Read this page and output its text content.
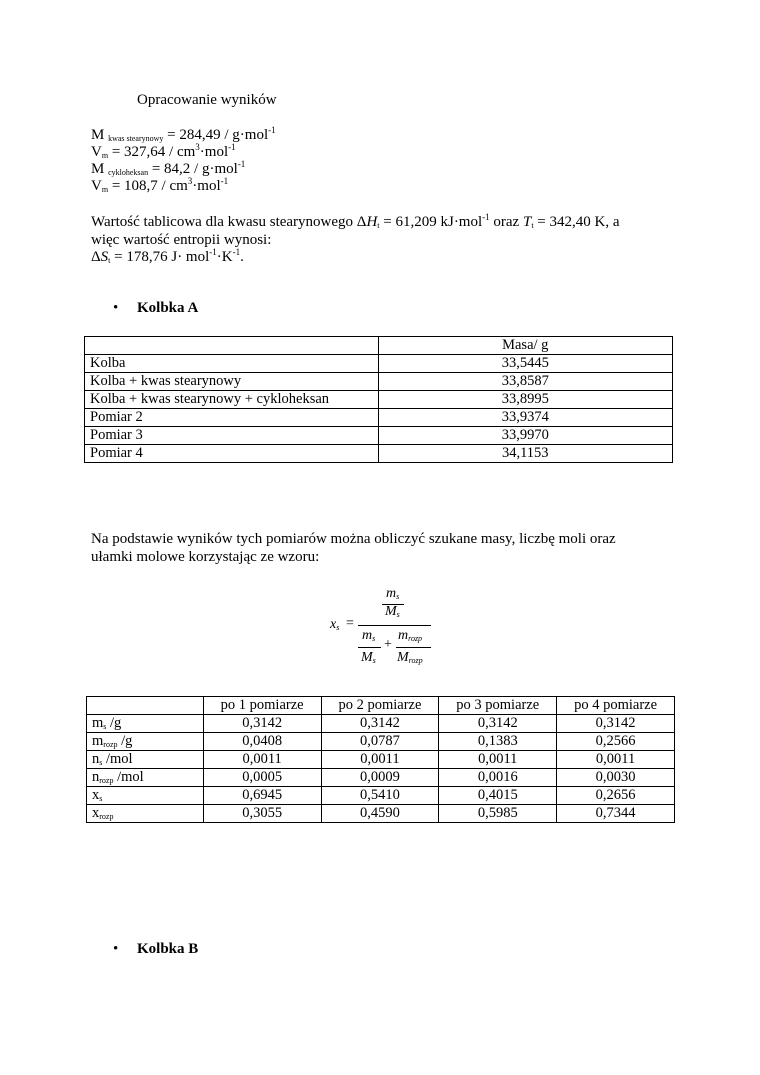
Opracowanie wyników
M $_{kwas stearynowy}$ = 284,49 / g·mol$^{-1}$
$V_m = 327,64 / cm^3\cdot mol^{-1}$
M $_{cykloheksan}$ = 84,2 / g·mol$^{-1}$
$V_m = 108,7 / cm^3\cdot mol^{-1}$
Wartość tablicowa dla kwasu stearynowego $\Delta H_t = 61,209$ kJ·mol$^{-1}$ oraz $T_t = 342,40$ K, a
więc wartość entropii wynosi:
$\Delta S_t = 178,76$ $J\cdot mol^{-1}\cdot K^{-1}$.
• Kolbka A
	Masa/ g
Kolba	33,5445
Kolba + kwas stearynowy	33,8587
Kolba + kwas stearynowy + cykloheksan	33,8995
Pomiar 2	33,9374
Pomiar 3	33,9970
Pomiar 4	34,1153
Na podstawie wyników tych pomiarów można obliczyć szukane masy, liczbę moli oraz
ułamki molowe korzystając ze wzoru:
$x_s$ =
$m_s$
$M_s$
$m_s$
$M_s$
+
$m_{rozp}$
$M_{rozp}$
	po 1 pomiarze	po 2 pomiarze	po 3 pomiarze	po 4 pomiarze
$m_s$ /g	0,3142	0,3142	0,3142	0,3142
$m_{rozp}$ /g	0,0408	0,0787	0,1383	0,2566
$n_s$ /mol	0,0011	0,0011	0,0011	0,0011
$n_{rozp}$ /mol	0,0005	0,0009	0,0016	0,0030
$x_s$	0,6945	0,5410	0,4015	0,2656
$x_{rozp}$	0,3055	0,4590	0,5985	0,7344
• Kolbka B
